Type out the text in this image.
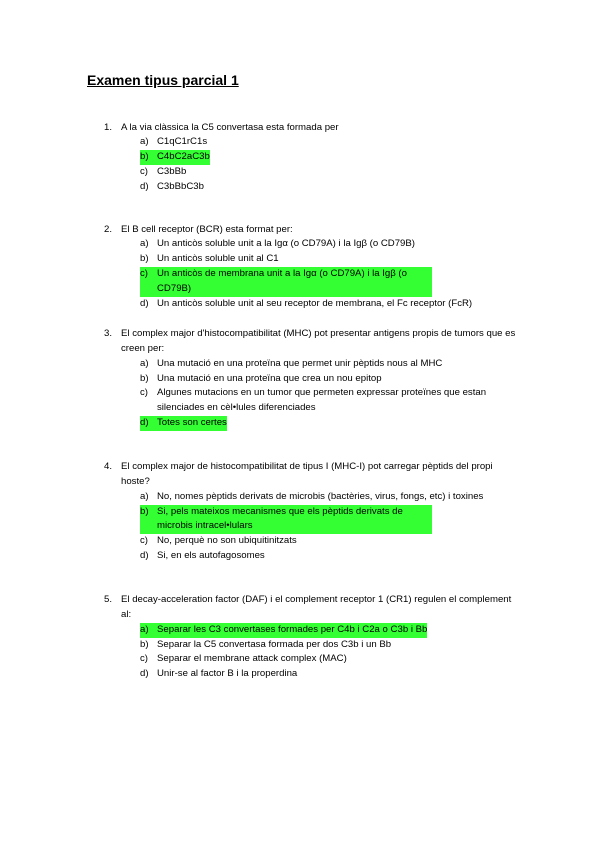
Examen tipus parcial 1
1. A la via clàssica la C5 convertasa esta formada per
a) C1qC1rC1s
b) C4bC2aC3b
c) C3bBb
d) C3bBbC3b
2. El B cell receptor (BCR) esta format per:
a) Un anticòs soluble unit a la Igα (o CD79A) i la Igβ (o CD79B)
b) Un anticòs soluble unit al C1
c) Un anticòs de membrana unit a la Igα (o CD79A) i la Igβ (o CD79B)
d) Un anticòs soluble unit al seu receptor de membrana, el Fc receptor (FcR)
3. El complex major d'histocompatibilitat (MHC) pot presentar antigens propis de tumors que es creen per:
a) Una mutació en una proteïna que permet unir pèptids nous al MHC
b) Una mutació en una proteïna que crea un nou epitop
c) Algunes mutacions en un tumor que permeten expressar proteïnes que estan silenciades en cèl•lules diferenciades
d) Totes son certes
4. El complex major de histocompatibilitat de tipus I (MHC-I) pot carregar pèptids del propi hoste?
a) No, nomes pèptids derivats de microbis (bactèries, virus, fongs, etc) i toxines
b) Si, pels mateixos mecanismes que els pèptids derivats de microbis intracel•lulars
c) No, perquè no son ubiquitinitzats
d) Si, en els autofagosomes
5. El decay-acceleration factor (DAF) i el complement receptor 1 (CR1) regulen el complement al:
a) Separar les C3 convertases formades per C4b i C2a o C3b i Bb
b) Separar la C5 convertasa formada per dos C3b i un Bb
c) Separar el membrane attack complex (MAC)
d) Unir-se al factor B i la properdina
